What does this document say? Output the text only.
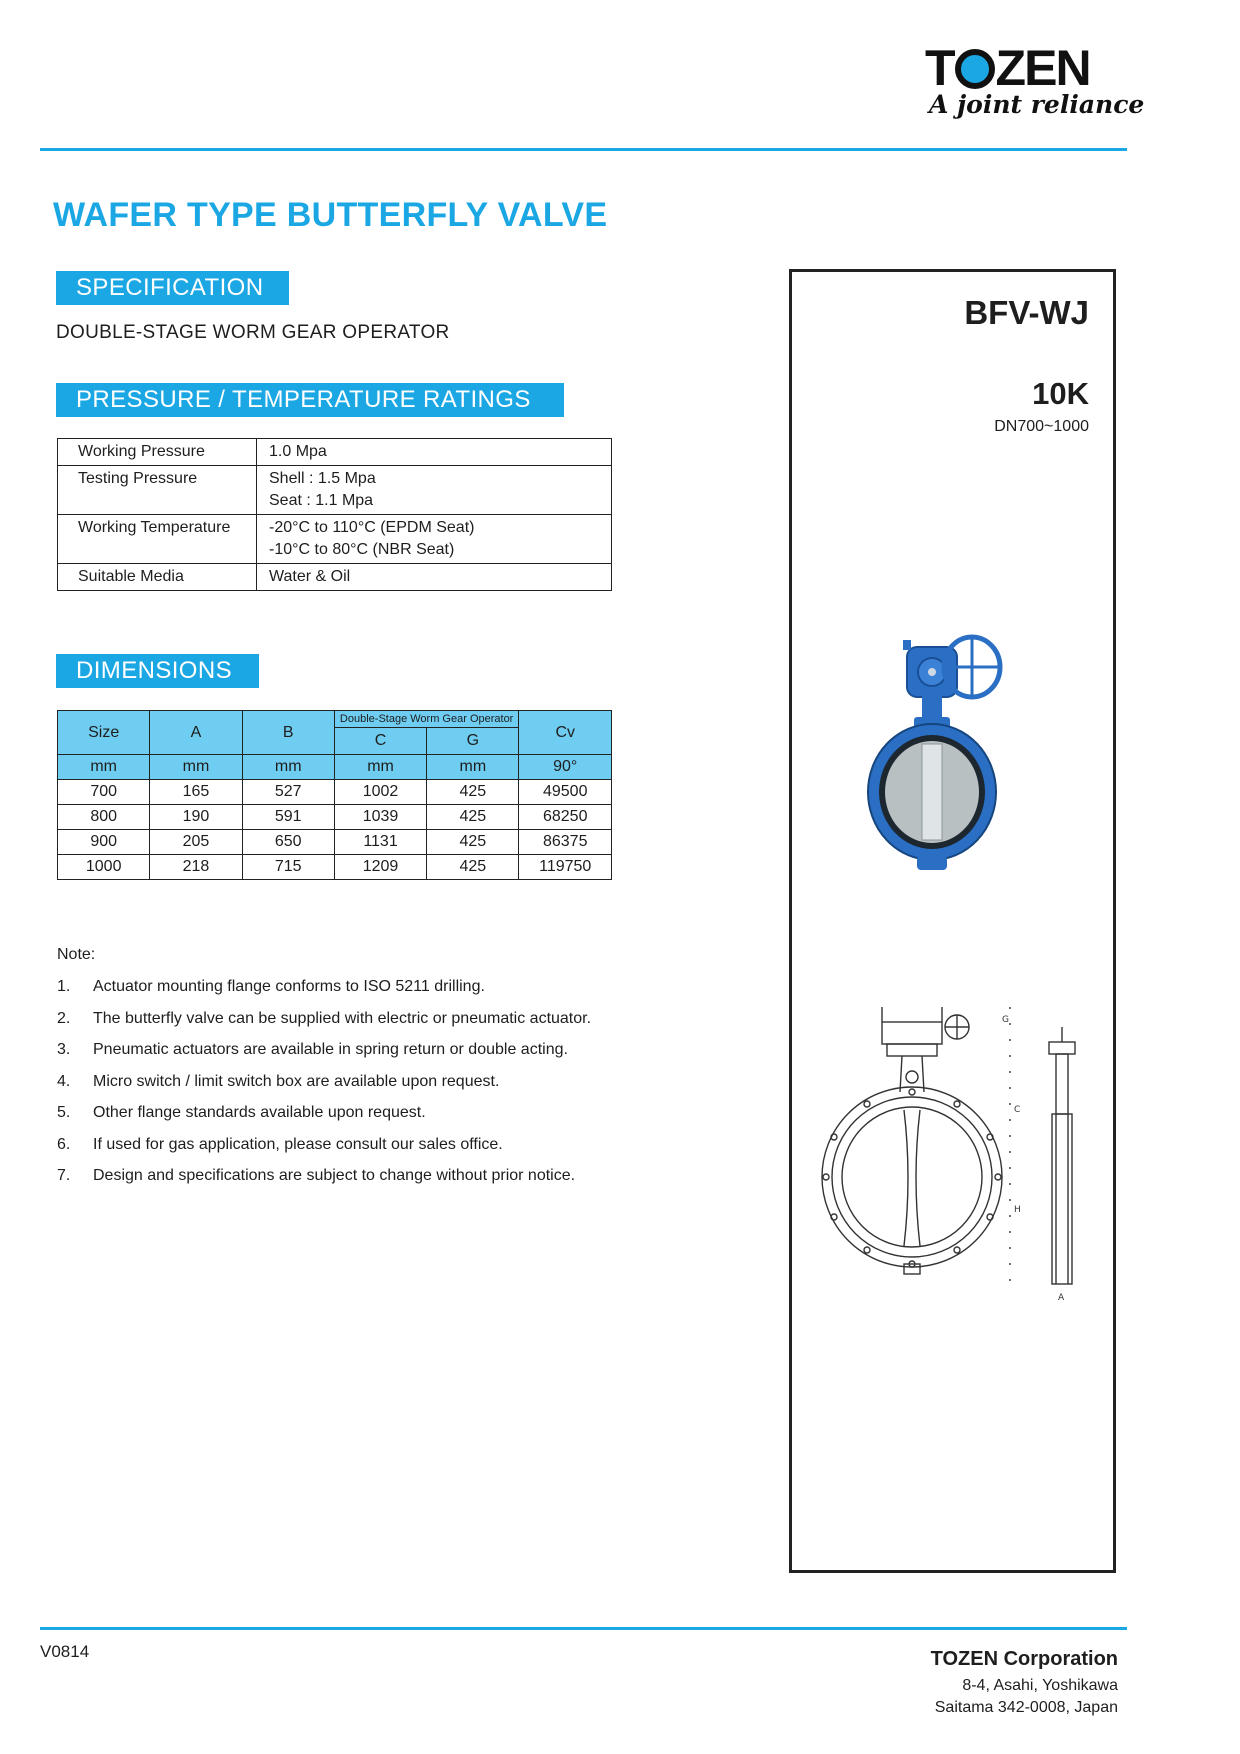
T ZEN
A joint reliance
WAFER TYPE BUTTERFLY VALVE
SPECIFICATION
DOUBLE-STAGE WORM GEAR OPERATOR
PRESSURE / TEMPERATURE RATINGS
Working Pressure	1.0 Mpa

Testing Pressure	Shell : 1.5 Mpa
Seat : 1.1 Mpa

Working Temperature	-20°C to 110°C (EPDM Seat)
-10°C to 80°C (NBR Seat)

Suitable Media	Water & Oil
DIMENSIONS
Size	A	B	Double-Stage Worm Gear Operator		Cv
			C	G	
mm	mm	mm	mm	mm	90°
700	165	527	1002	425	49500
800	190	591	1039	425	68250
900	205	650	1131	425	86375
1000	218	715	1209	425	119750
Note:
1. Actuator mounting flange conforms to ISO 5211 drilling.
2. The butterfly valve can be supplied with electric or pneumatic actuator.
3. Pneumatic actuators are available in spring return or double acting.
4. Micro switch / limit switch box are available upon request.
5. Other flange standards available upon request.
6. If used for gas application, please consult our sales office.
7. Design and specifications are subject to change without prior notice.
BFV-WJ
10K
DN700~1000
G
C
H
A
V0814	TOZEN Corporation
8-4, Asahi, Yoshikawa
Saitama 342-0008, Japan
